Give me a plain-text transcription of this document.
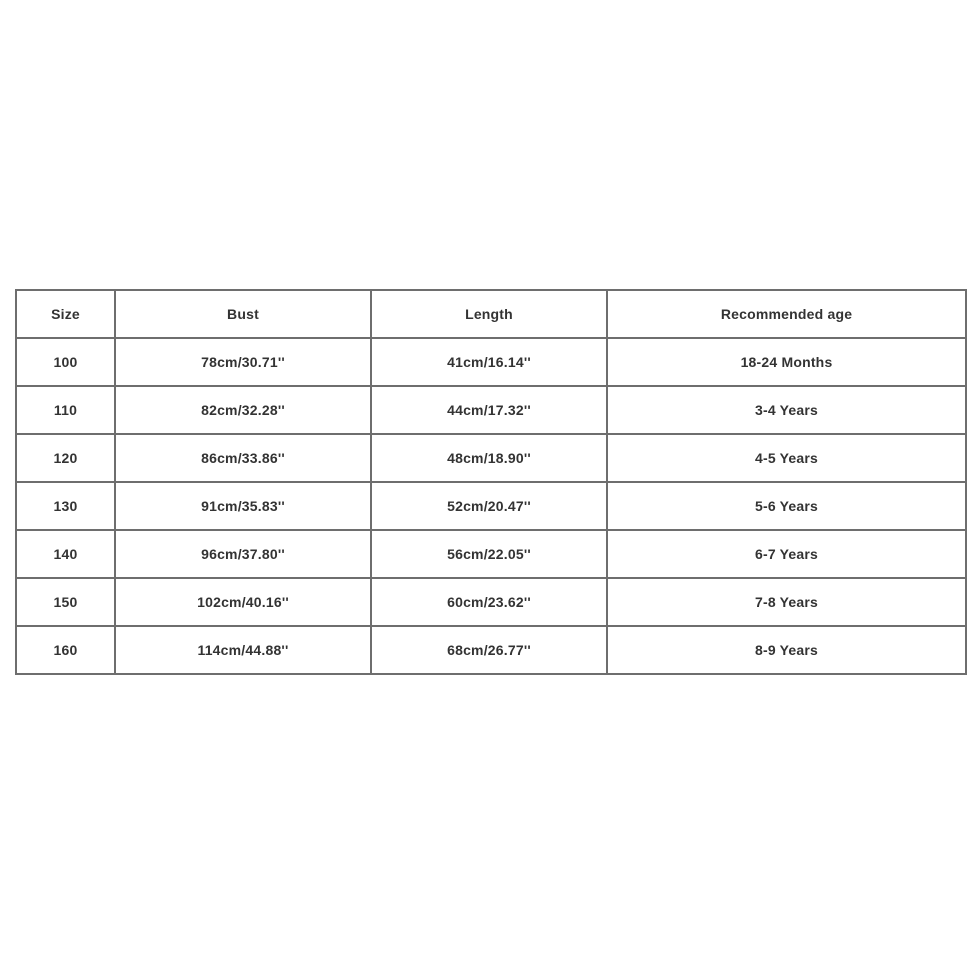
Size	Bust	Length	Recommended age
100	78cm/30.71''	41cm/16.14''	18-24 Months
110	82cm/32.28''	44cm/17.32''	3-4 Years
120	86cm/33.86''	48cm/18.90''	4-5 Years
130	91cm/35.83''	52cm/20.47''	5-6 Years
140	96cm/37.80''	56cm/22.05''	6-7 Years
150	102cm/40.16''	60cm/23.62''	7-8 Years
160	114cm/44.88''	68cm/26.77''	8-9 Years
